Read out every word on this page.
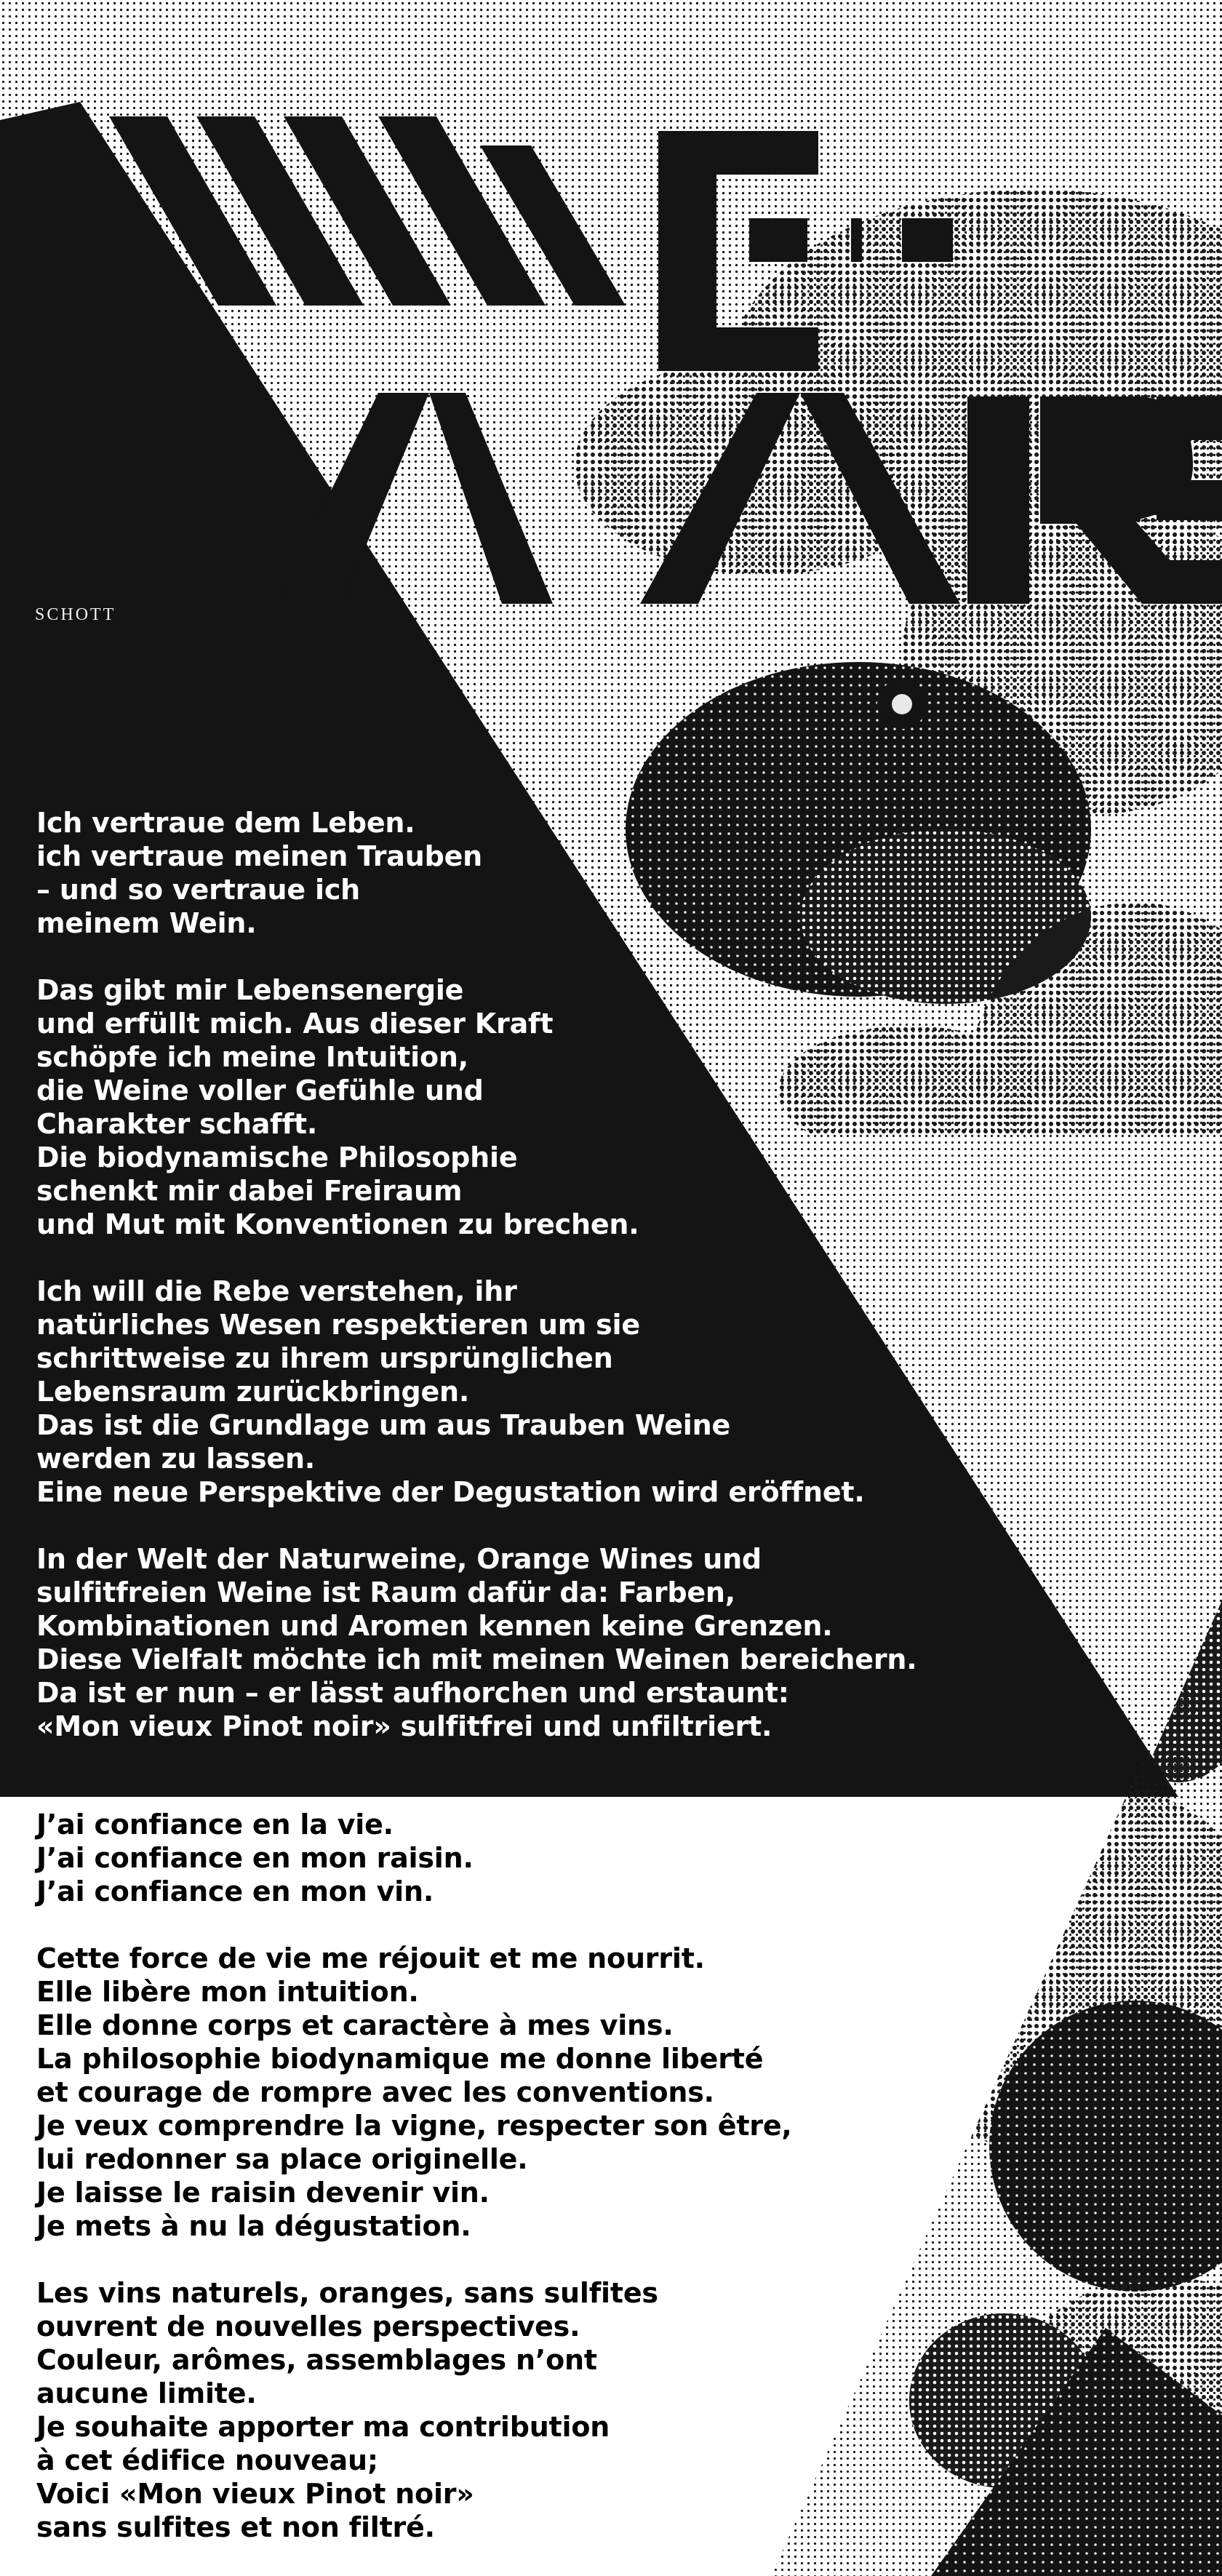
SCHOTT

Ich vertraue dem Leben.
ich vertraue meinen Trauben
– und so vertraue ich
meinem Wein.

Das gibt mir Lebensenergie
und erfüllt mich. Aus dieser Kraft
schöpfe ich meine Intuition,
die Weine voller Gefühle und
Charakter schafft.
Die biodynamische Philosophie
schenkt mir dabei Freiraum
und Mut mit Konventionen zu brechen.

Ich will die Rebe verstehen, ihr
natürliches Wesen respektieren um sie
schrittweise zu ihrem ursprünglichen
Lebensraum zurückbringen.
Das ist die Grundlage um aus Trauben Weine
werden zu lassen.
Eine neue Perspektive der Degustation wird eröffnet.

In der Welt der Naturweine, Orange Wines und
sulfitfreien Weine ist Raum dafür da: Farben,
Kombinationen und Aromen kennen keine Grenzen.
Diese Vielfalt möchte ich mit meinen Weinen bereichern.
Da ist er nun – er lässt aufhorchen und erstaunt:
«Mon vieux Pinot noir» sulfitfrei und unfiltriert.

J’ai confiance en la vie.
J’ai confiance en mon raisin.
J’ai confiance en mon vin.

Cette force de vie me réjouit et me nourrit.
Elle libère mon intuition.
Elle donne corps et caractère à mes vins.
La philosophie biodynamique me donne liberté
et courage de rompre avec les conventions.
Je veux comprendre la vigne, respecter son être,
lui redonner sa place originelle.
Je laisse le raisin devenir vin.
Je mets à nu la dégustation.

Les vins naturels, oranges, sans sulfites
ouvrent de nouvelles perspectives.
Couleur, arômes, assemblages n’ont
aucune limite.
Je souhaite apporter ma contribution
à cet édifice nouveau;
Voici «Mon vieux Pinot noir»
sans sulfites et non filtré.
